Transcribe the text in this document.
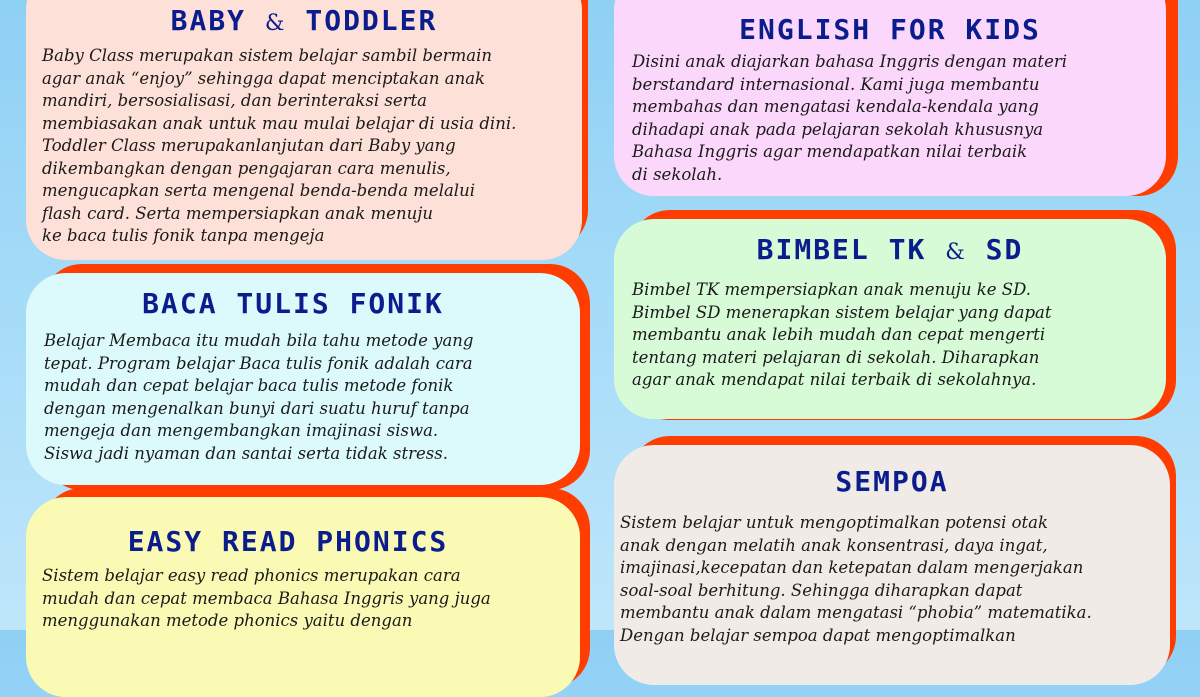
BABY & TODDLER
Baby Class merupakan sistem belajar sambil bermain
agar anak “enjoy” sehingga dapat menciptakan anak
mandiri, bersosialisasi, dan berinteraksi serta
membiasakan anak untuk mau mulai belajar di usia dini.
Toddler Class merupakanlanjutan dari Baby yang
dikembangkan dengan pengajaran cara menulis,
mengucapkan serta mengenal benda-benda melalui
flash card. Serta mempersiapkan anak menuju
ke baca tulis fonik tanpa mengeja
BACA TULIS FONIK
Belajar Membaca itu mudah bila tahu metode yang
tepat. Program belajar Baca tulis fonik adalah cara
mudah dan cepat belajar baca tulis metode fonik
dengan mengenalkan bunyi dari suatu huruf tanpa
mengeja dan mengembangkan imajinasi siswa.
Siswa jadi nyaman dan santai serta tidak stress.
EASY READ PHONICS
Sistem belajar easy read phonics merupakan cara
mudah dan cepat membaca Bahasa Inggris yang juga
menggunakan metode phonics yaitu dengan
ENGLISH FOR KIDS
Disini anak diajarkan bahasa Inggris dengan materi
berstandard internasional. Kami juga membantu
membahas dan mengatasi kendala-kendala yang
dihadapi anak pada pelajaran sekolah khususnya
Bahasa Inggris agar mendapatkan nilai terbaik
di sekolah.
BIMBEL TK & SD
Bimbel TK mempersiapkan anak menuju ke SD.
Bimbel SD menerapkan sistem belajar yang dapat
membantu anak lebih mudah dan cepat mengerti
tentang materi pelajaran di sekolah. Diharapkan
agar anak mendapat nilai terbaik di sekolahnya.
SEMPOA
Sistem belajar untuk mengoptimalkan potensi otak
anak dengan melatih anak konsentrasi, daya ingat,
imajinasi,kecepatan dan ketepatan dalam mengerjakan
soal-soal berhitung. Sehingga diharapkan dapat
membantu anak dalam mengatasi “phobia” matematika.
Dengan belajar sempoa dapat mengoptimalkan
